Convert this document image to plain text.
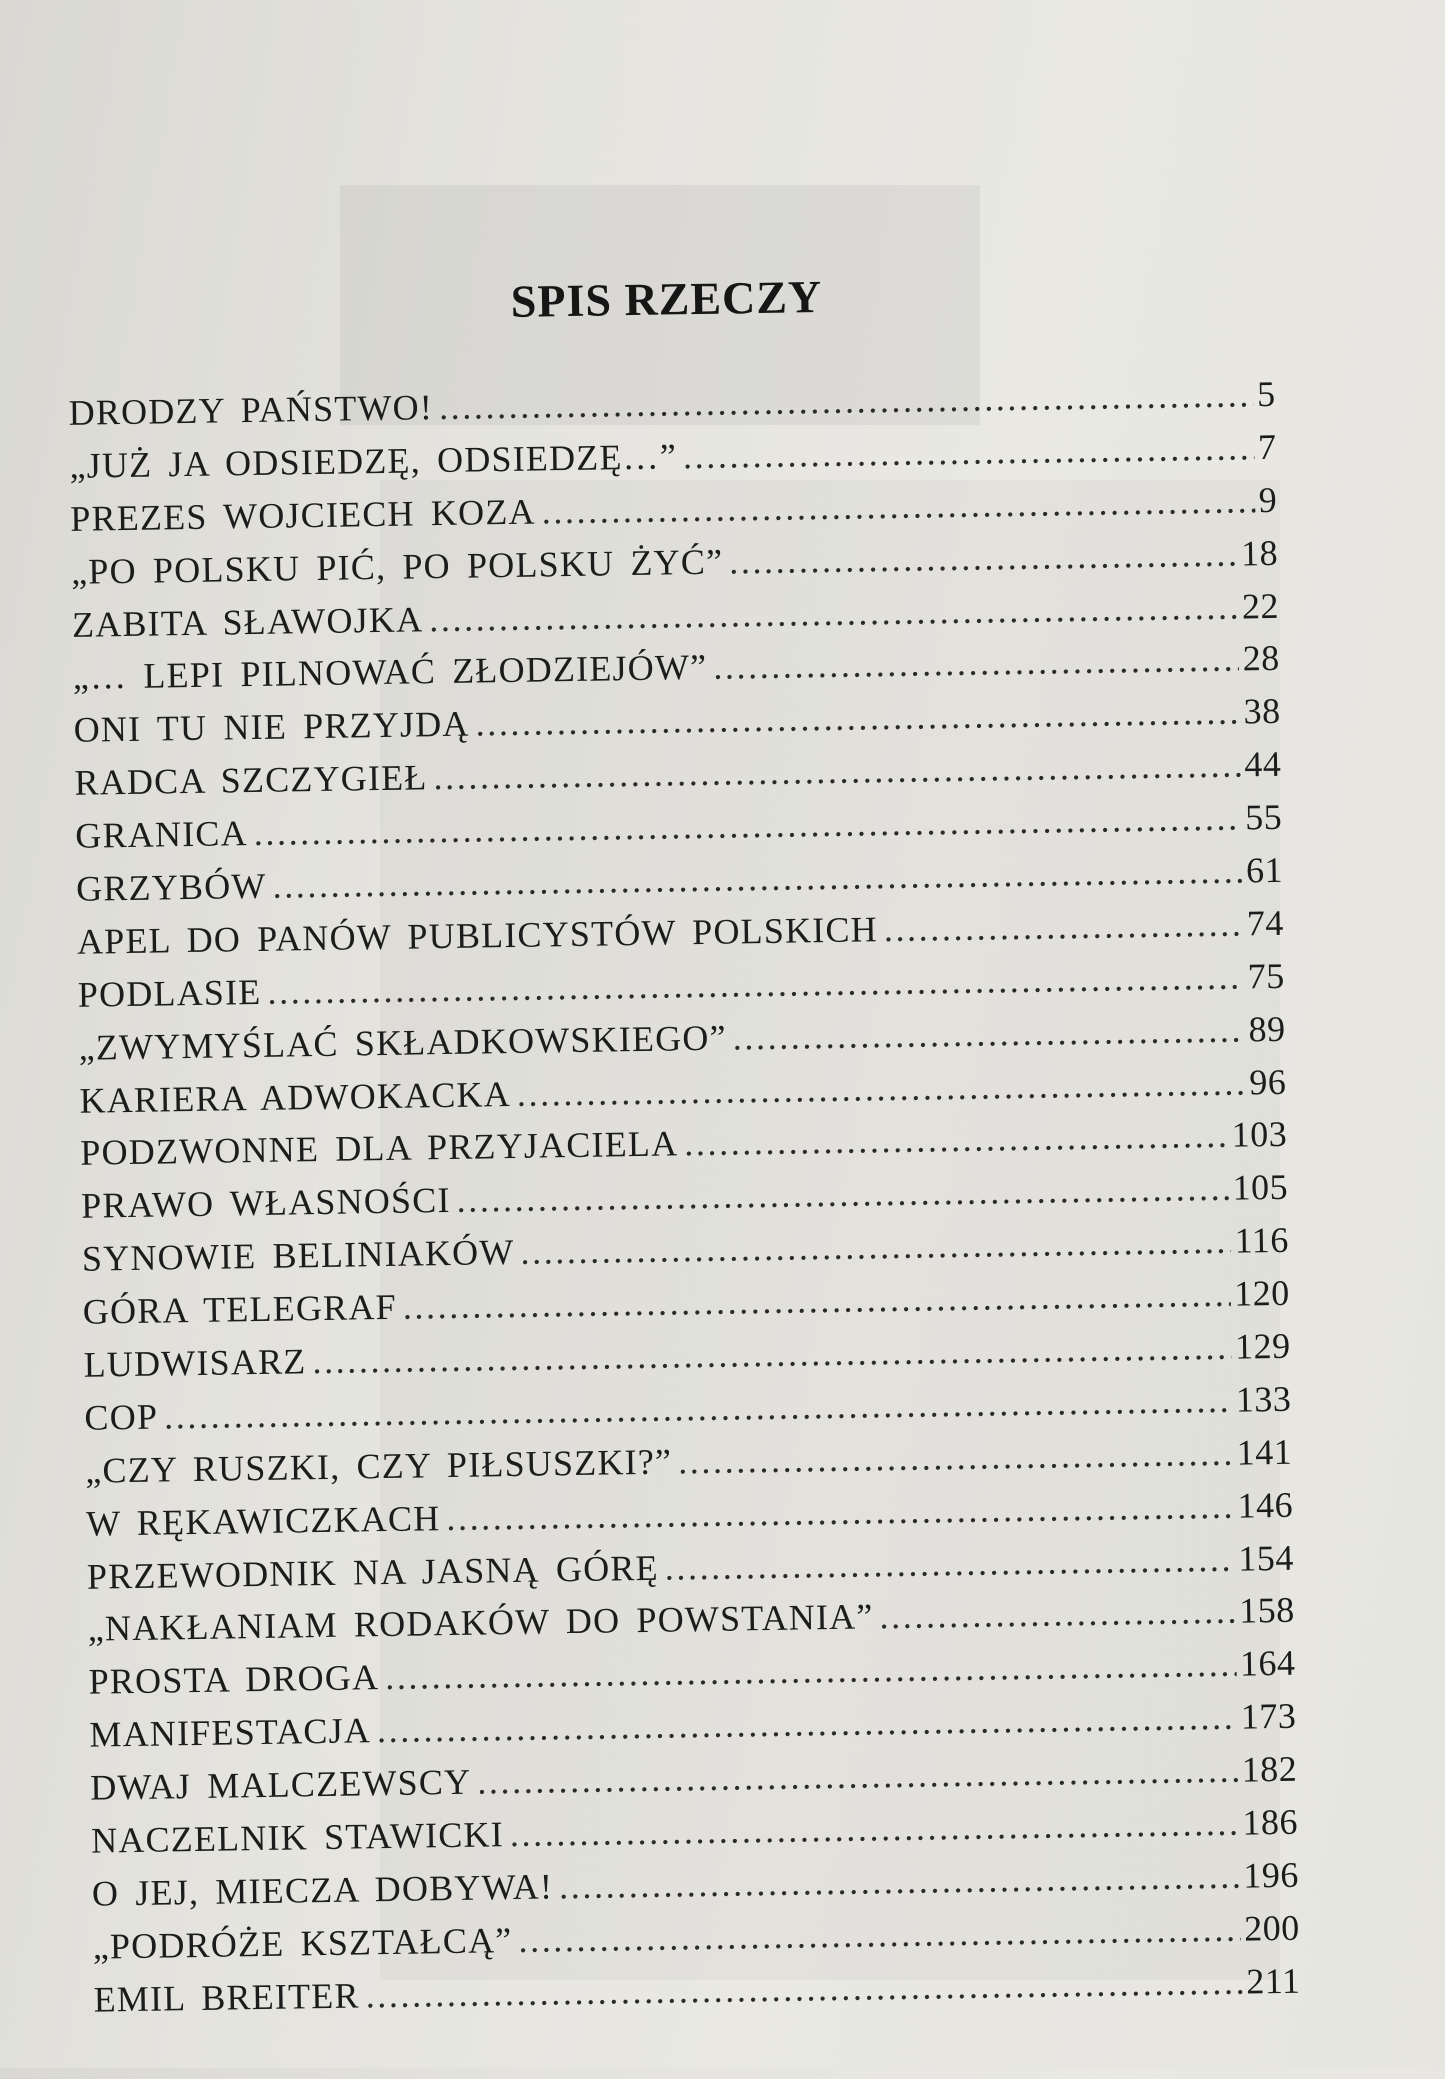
SPIS RZECZY
DRODZY PAŃSTWO! .....	5
„JUŻ JA ODSIEDZĘ, ODSIEDZĘ…” .....	7
PREZES WOJCIECH KOZA .....	9
„PO POLSKU PIĆ, PO POLSKU ŻYĆ” .....	18
ZABITA SŁAWOJKA .....	22
„… LEPI PILNOWAĆ ZŁODZIEJÓW” .....	28
ONI TU NIE PRZYJDĄ .....	38
RADCA SZCZYGIEŁ .....	44
GRANICA .....	55
GRZYBÓW .....	61
APEL DO PANÓW PUBLICYSTÓW POLSKICH .....	74
PODLASIE .....	75
„ZWYMYŚLAĆ SKŁADKOWSKIEGO” .....	89
KARIERA ADWOKACKA .....	96
PODZWONNE DLA PRZYJACIELA .....	103
PRAWO WŁASNOŚCI .....	105
SYNOWIE BELINIAKÓW .....	116
GÓRA TELEGRAF .....	120
LUDWISARZ .....	129
COP .....	133
„CZY RUSZKI, CZY PIŁSUSZKI?” .....	141
W RĘKAWICZKACH .....	146
PRZEWODNIK NA JASNĄ GÓRĘ .....	154
„NAKŁANIAM RODAKÓW DO POWSTANIA” .....	158
PROSTA DROGA .....	164
MANIFESTACJA .....	173
DWAJ MALCZEWSCY .....	182
NACZELNIK STAWICKI .....	186
O JEJ, MIECZA DOBYWA! .....	196
„PODRÓŻE KSZTAŁCĄ” .....	200
EMIL BREITER .....	211
